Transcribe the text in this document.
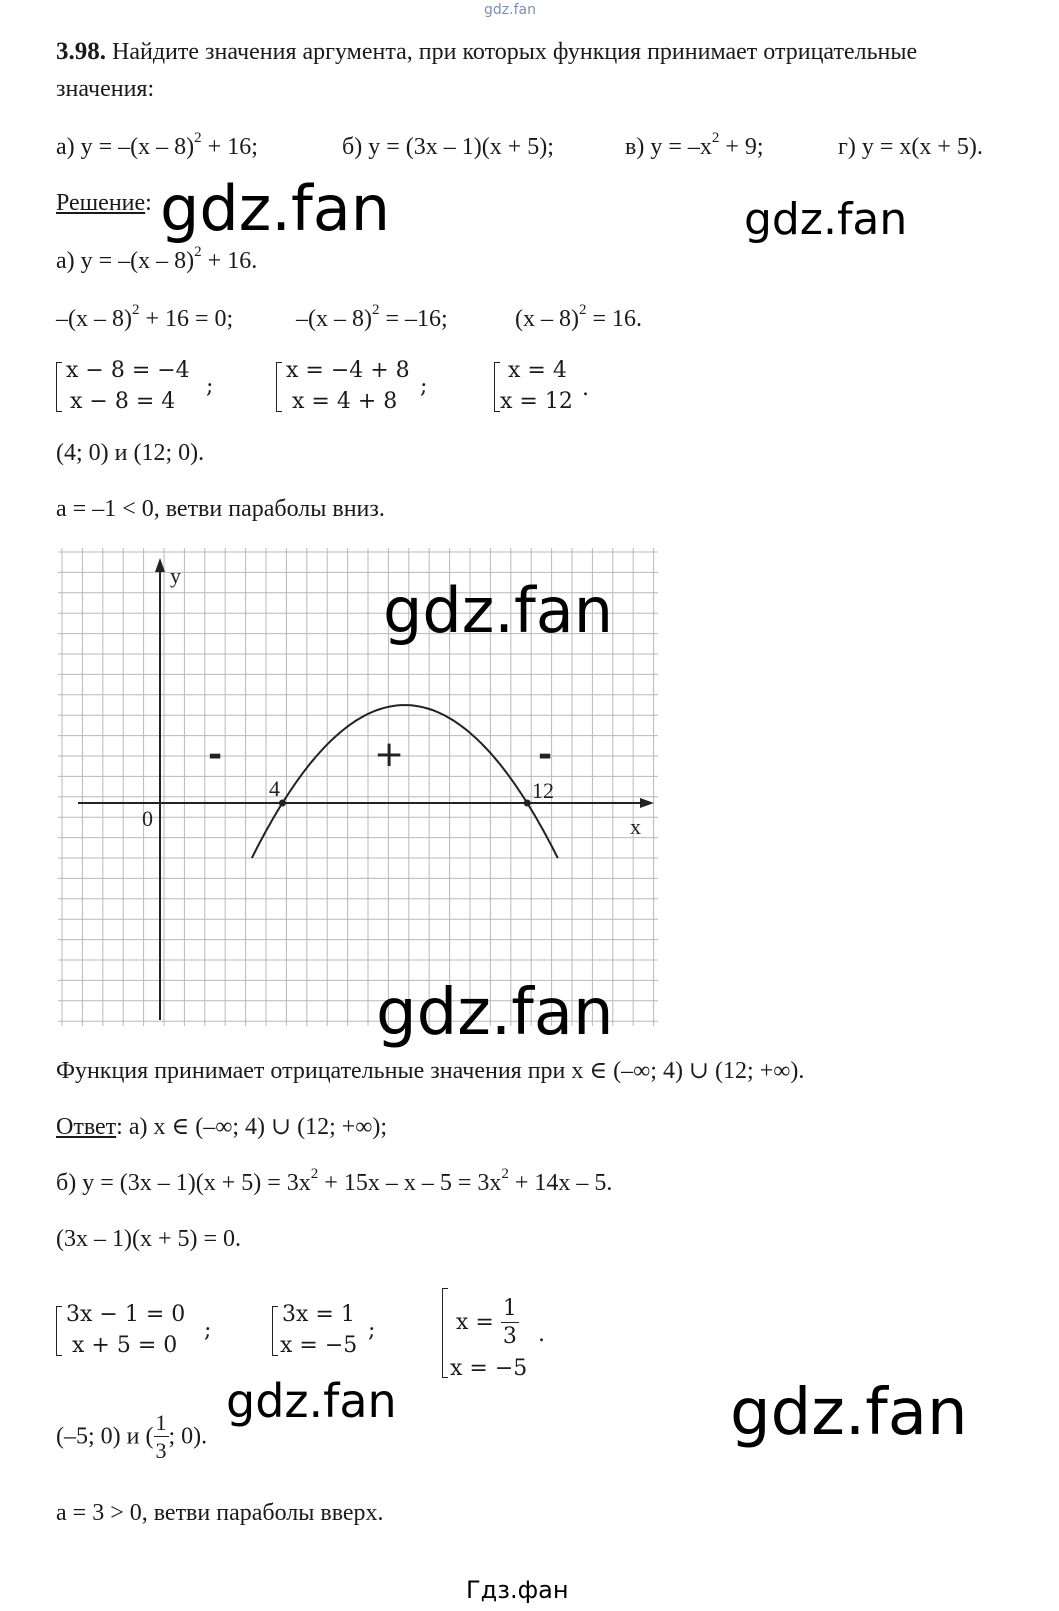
gdz.fan
3.98. Найдите значения аргумента, при которых функция принимает отрицательные
значения:
а) y = –(x – 8)$^2$ + 16;	б) y = (3x – 1)(x + 5);	в) $y = -x^2 + 9$;	г) y = x(x + 5).
Решение: gdz.fan	gdz.fan
а) y = –(x – 8)$^2$ + 16.
–(x – 8)$^2$ + 16 = 0;	–(x – 8)$^2$ = –16;	(x – 8)$^2$ = 16.
x − 8 = −4
x − 8 = 4
;
x = −4 + 8
x = 4 + 8
;
x = 4
x = 12
.
(4; 0) и (12; 0).
a = –1 < 0, ветви параболы вниз.
y
x
0
4	12
-	+	-
gdz.fan
gdz.fan
Функция принимает отрицательные значения при x ∈ (–∞; 4) ∪ (12; +∞).
Ответ: а) x ∈ (–∞; 4) ∪ (12; +∞);
б) $y = (3x - 1)(x + 5) = 3x^2 + 15x - x - 5 = 3x^2 + 14x - 5$.
(3x – 1)(x + 5) = 0.
3x − 1 = 0
x + 5 = 0
;
3x = 1
x = −5
;	$x = \frac{1}{3}$
x = −5
.
gdz.fan	gdz.fan
(–5; 0) и ( $\frac{1}{3}$ ; 0).
a = 3 > 0, ветви параболы вверх.
Гдз.фан
